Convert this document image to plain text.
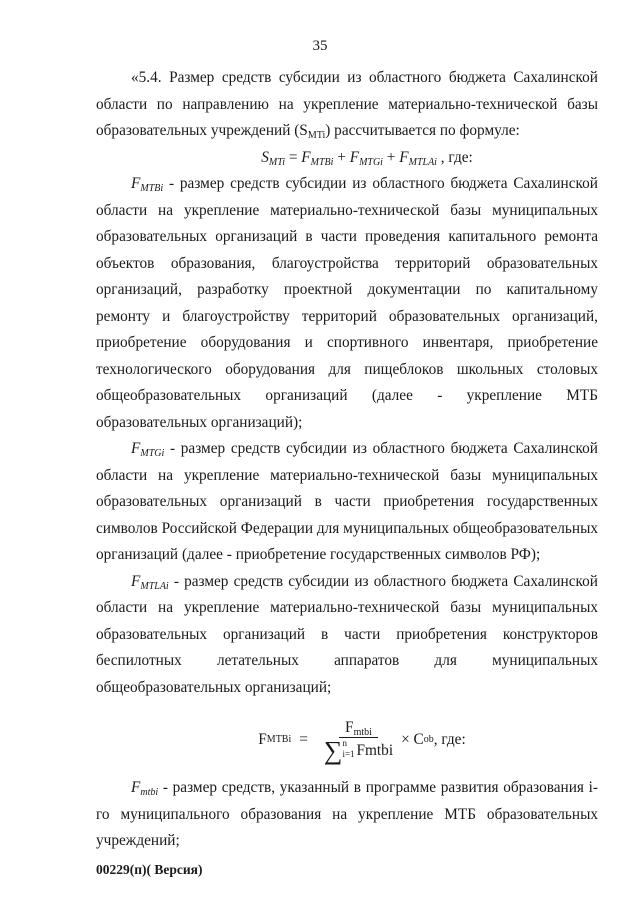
35

«5.4. Размер средств субсидии из областного бюджета Сахалинской области по направлению на укрепление материально-технической базы образовательных учреждений $(S_{MTi})$ рассчитывается по формуле:

$S_{MTi} = F_{MTBi} + F_{MTGi} + F_{MTLAi}$ , где:

$F_{MTBi}$ - размер средств субсидии из областного бюджета Сахалинской области на укрепление материально-технической базы муниципальных образовательных организаций в части проведения капитального ремонта объектов образования, благоустройства территорий образовательных организаций, разработку проектной документации по капитальному ремонту и благоустройству территорий образовательных организаций, приобретение оборудования и спортивного инвентаря, приобретение технологического оборудования для пищеблоков школьных столовых общеобразовательных организаций (далее - укрепление МТБ образовательных организаций);

$F_{MTGi}$ - размер средств субсидии из областного бюджета Сахалинской области на укрепление материально-технической базы муниципальных образовательных организаций в части приобретения государственных символов Российской Федерации для муниципальных общеобразовательных организаций (далее - приобретение государственных символов РФ);

$F_{MTLAi}$ - размер средств субсидии из областного бюджета Сахалинской области на укрепление материально-технической базы муниципальных образовательных организаций в части приобретения конструкторов беспилотных летательных аппаратов для муниципальных общеобразовательных организаций;

F MTBi = $F_{mtbi}$
∑ n
i=1 Fmtbi × C ob , где:

$F_{mtbi}$ - размер средств, указанный в программе развития образования i-го муниципального образования на укрепление МТБ образовательных учреждений;

00229(п)( Версия)
